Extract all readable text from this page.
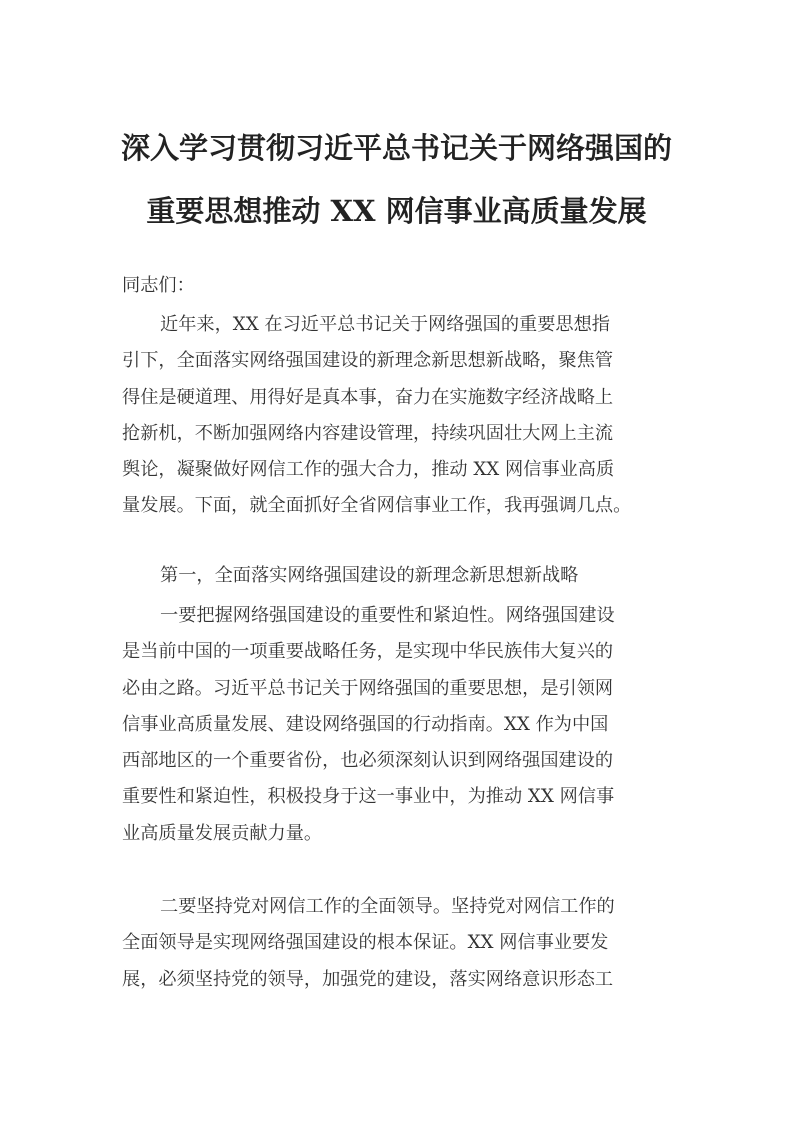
深入学习贯彻习近平总书记关于网络强国的
重要思想推动 XX 网信事业高质量发展
同志们：
近年来，XX 在习近平总书记关于网络强国的重要思想指
引下，全面落实网络强国建设的新理念新思想新战略，聚焦管
得住是硬道理、用得好是真本事，奋力在实施数字经济战略上
抢新机，不断加强网络内容建设管理，持续巩固壮大网上主流
舆论，凝聚做好网信工作的强大合力，推动 XX 网信事业高质
量发展。下面，就全面抓好全省网信事业工作，我再强调几点。
第一，全面落实网络强国建设的新理念新思想新战略
一要把握网络强国建设的重要性和紧迫性。网络强国建设
是当前中国的一项重要战略任务，是实现中华民族伟大复兴的
必由之路。习近平总书记关于网络强国的重要思想，是引领网
信事业高质量发展、建设网络强国的行动指南。XX 作为中国
西部地区的一个重要省份，也必须深刻认识到网络强国建设的
重要性和紧迫性，积极投身于这一事业中，为推动 XX 网信事
业高质量发展贡献力量。
二要坚持党对网信工作的全面领导。坚持党对网信工作的
全面领导是实现网络强国建设的根本保证。XX 网信事业要发
展，必须坚持党的领导，加强党的建设，落实网络意识形态工
